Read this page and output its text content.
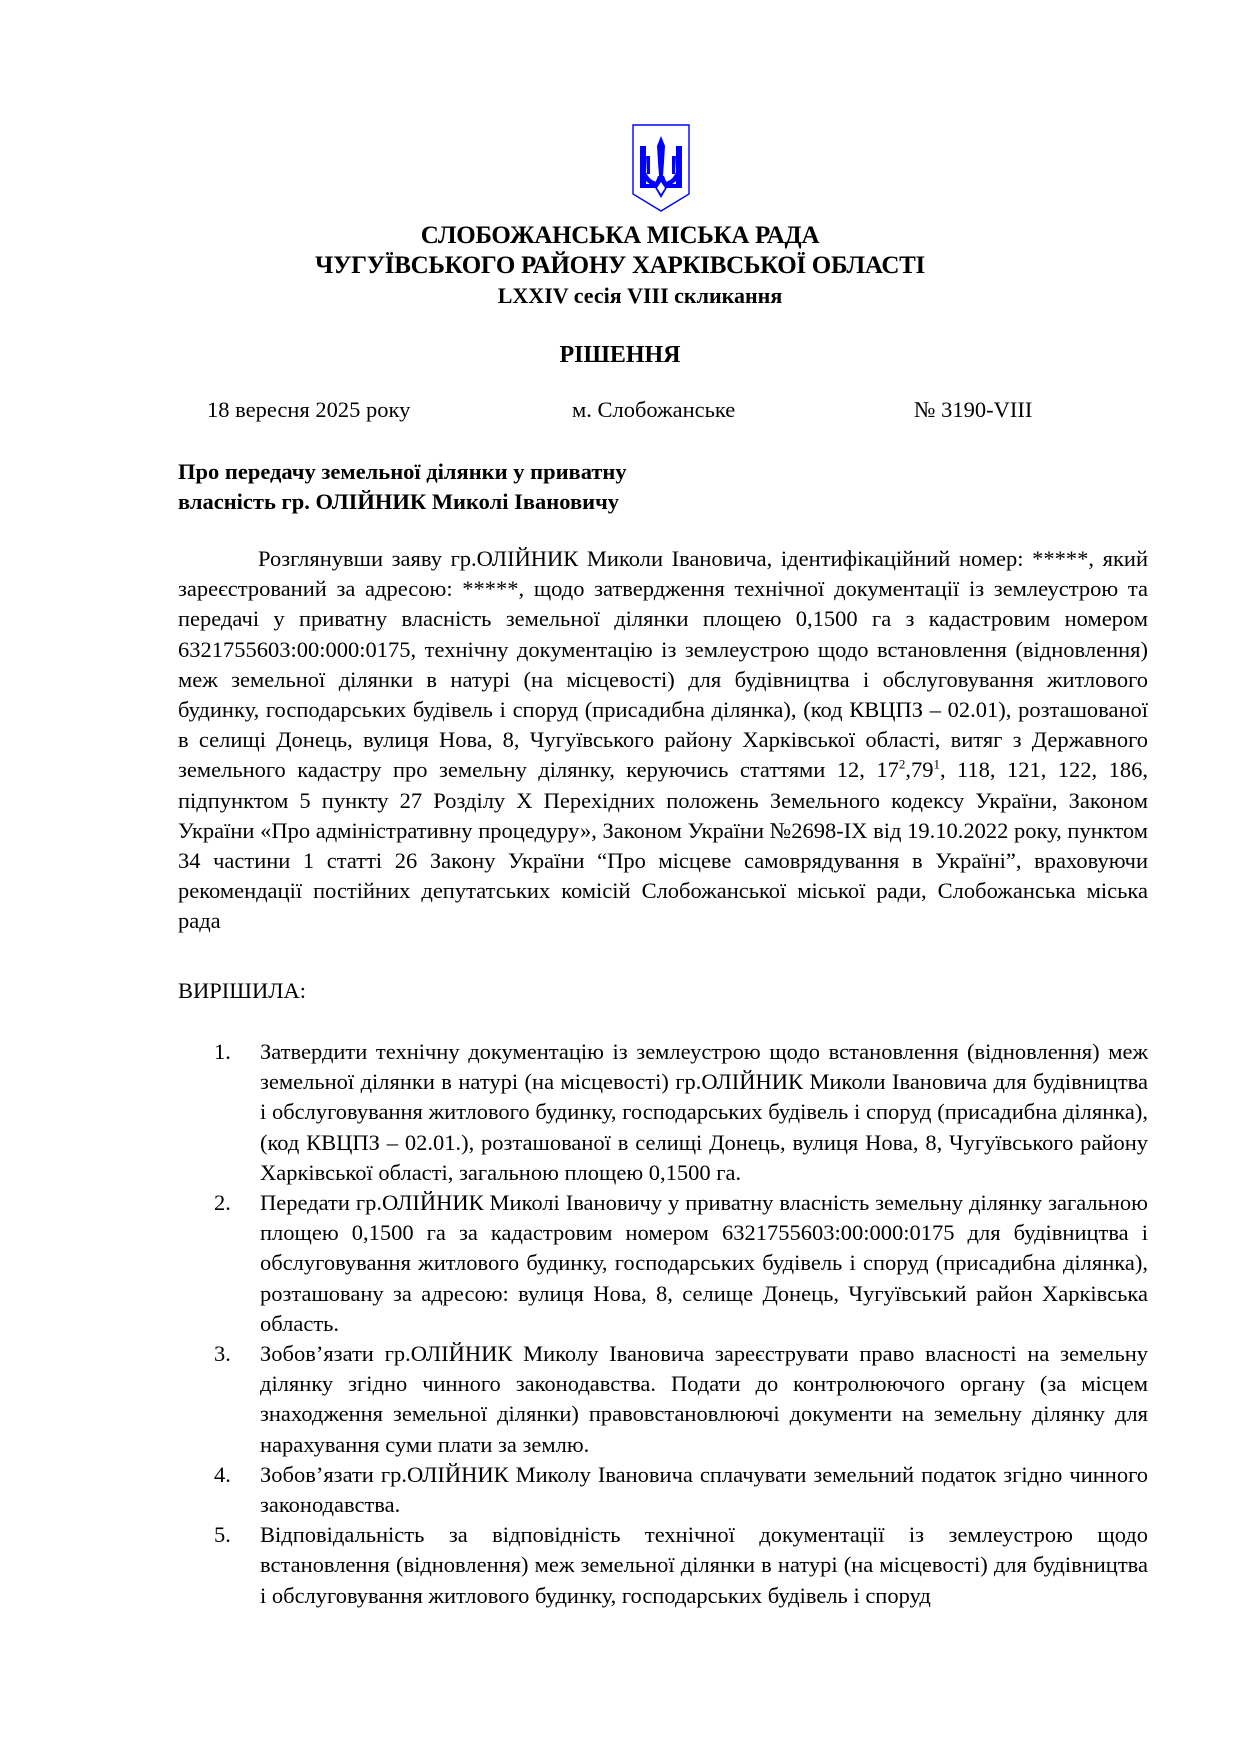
СЛОБОЖАНСЬКА МІСЬКА РАДА
ЧУГУЇВСЬКОГО РАЙОНУ ХАРКІВСЬКОЇ ОБЛАСТІ
LXXIV сесія VIII скликання
РІШЕННЯ
18 вересня 2025 року	м. Слобожанське	№ 3190-VIII
Про передачу земельної ділянки у приватну
власність гр. ОЛІЙНИК Миколі Івановичу

Розглянувши заяву гр.ОЛІЙНИК Миколи Івановича, ідентифікаційний номер: *****, який зареєстрований за адресою: *****, щодо затвердження технічної документації із землеустрою та передачі у приватну власність земельної ділянки площею 0,1500 га з кадастровим номером 6321755603:00:000:0175, технічну документацію із землеустрою щодо встановлення (відновлення) меж земельної ділянки в натурі (на місцевості) для будівництва і обслуговування житлового будинку, господарських будівель і споруд (присадибна ділянка), (код КВЦПЗ – 02.01), розташованої в селищі Донець, вулиця Нова, 8, Чугуївського району Харківської області, витяг з Державного земельного кадастру про земельну ділянку, керуючись статтями 12, $17^2,79^1$, 118, 121, 122, 186, підпунктом 5 пункту 27 Розділу Х Перехідних положень Земельного кодексу України, Законом України «Про адміністративну процедуру», Законом України №2698-IX від 19.10.2022 року, пунктом 34 частини 1 статті 26 Закону України “Про місцеве самоврядування в Україні”, враховуючи рекомендації постійних депутатських комісій Слобожанської міської ради, Слобожанська міська рада

ВИРІШИЛА:
1. Затвердити технічну документацію із землеустрою щодо встановлення (відновлення) меж земельної ділянки в натурі (на місцевості) гр.ОЛІЙНИК Миколи Івановича для будівництва і обслуговування житлового будинку, господарських будівель і споруд (присадибна ділянка), (код КВЦПЗ – 02.01.), розташованої в селищі Донець, вулиця Нова, 8, Чугуївського району Харківської області, загальною площею 0,1500 га.
2. Передати гр.ОЛІЙНИК Миколі Івановичу у приватну власність земельну ділянку загальною площею 0,1500 га за кадастровим номером 6321755603:00:000:0175 для будівництва і обслуговування житлового будинку, господарських будівель і споруд (присадибна ділянка), розташовану за адресою: вулиця Нова, 8, селище Донець, Чугуївський район Харківська область.
3. Зобов’язати гр.ОЛІЙНИК Миколу Івановича зареєструвати право власності на земельну ділянку згідно чинного законодавства. Подати до контролюючого органу (за місцем знаходження земельної ділянки) правовстановлюючі документи на земельну ділянку для нарахування суми плати за землю.
4. Зобов’язати гр.ОЛІЙНИК Миколу Івановича сплачувати земельний податок згідно чинного законодавства.
5. Відповідальність за відповідність технічної документації із землеустрою щодо встановлення (відновлення) меж земельної ділянки в натурі (на місцевості) для будівництва і обслуговування житлового будинку, господарських будівель і споруд
